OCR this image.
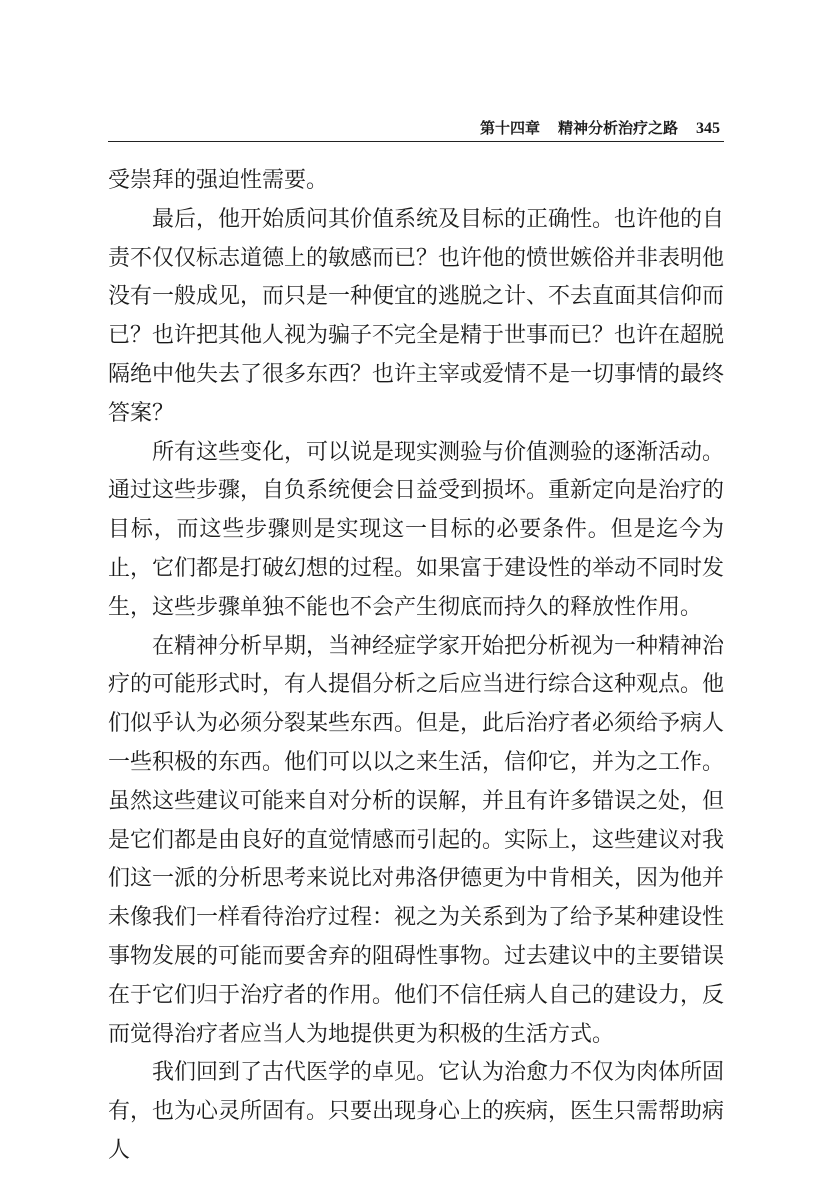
第十四章 精神分析治疗之路 345

受崇拜的强迫性需要。

最后，他开始质问其价值系统及目标的正确性。也许他的自责不仅仅标志道德上的敏感而已？也许他的愤世嫉俗并非表明他没有一般成见，而只是一种便宜的逃脱之计、不去直面其信仰而已？也许把其他人视为骗子不完全是精于世事而已？也许在超脱隔绝中他失去了很多东西？也许主宰或爱情不是一切事情的最终答案？

所有这些变化，可以说是现实测验与价值测验的逐渐活动。通过这些步骤，自负系统便会日益受到损坏。重新定向是治疗的目标，而这些步骤则是实现这一目标的必要条件。但是迄今为止，它们都是打破幻想的过程。如果富于建设性的举动不同时发生，这些步骤单独不能也不会产生彻底而持久的释放性作用。

在精神分析早期，当神经症学家开始把分析视为一种精神治疗的可能形式时，有人提倡分析之后应当进行综合这种观点。他们似乎认为必须分裂某些东西。但是，此后治疗者必须给予病人一些积极的东西。他们可以以之来生活，信仰它，并为之工作。虽然这些建议可能来自对分析的误解，并且有许多错误之处，但是它们都是由良好的直觉情感而引起的。实际上，这些建议对我们这一派的分析思考来说比对弗洛伊德更为中肯相关，因为他并未像我们一样看待治疗过程：视之为关系到为了给予某种建设性事物发展的可能而要舍弃的阻碍性事物。过去建议中的主要错误在于它们归于治疗者的作用。他们不信任病人自己的建设力，反而觉得治疗者应当人为地提供更为积极的生活方式。

我们回到了古代医学的卓见。它认为治愈力不仅为肉体所固有，也为心灵所固有。只要出现身心上的疾病，医生只需帮助病人
